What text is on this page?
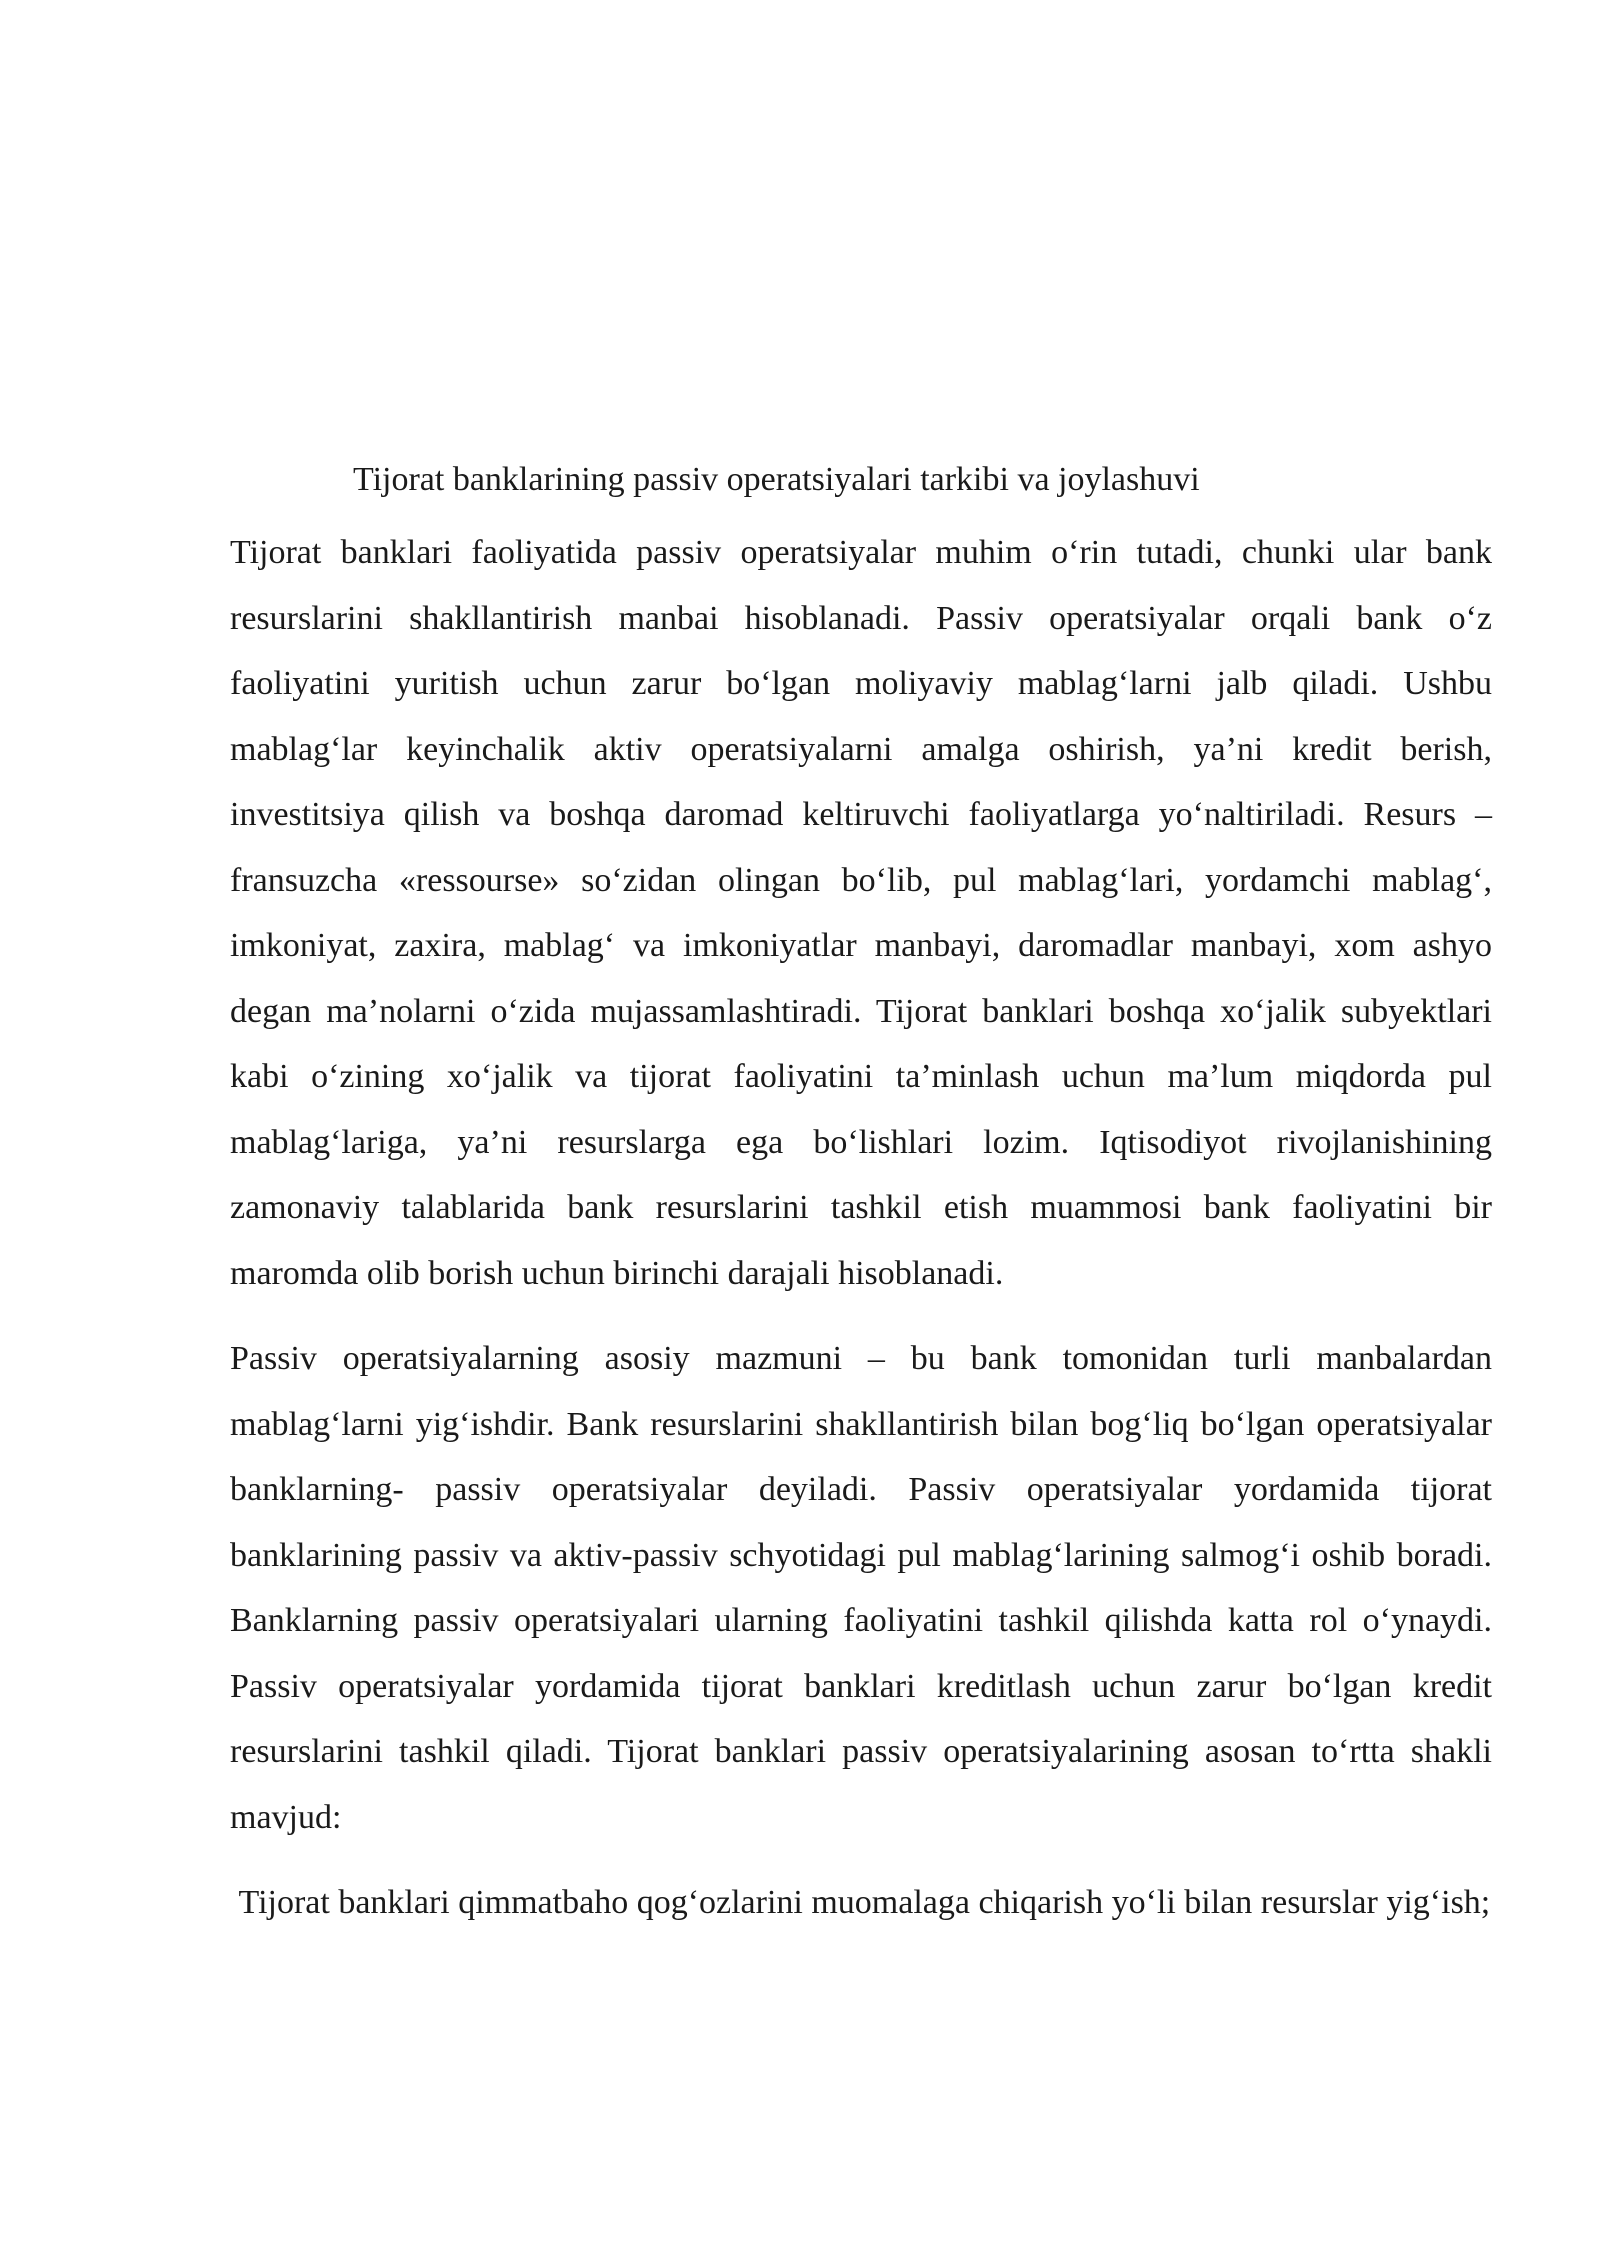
Tijorat banklarining passiv operatsiyalari tarkibi va joylashuvi

Tijorat banklari faoliyatida passiv operatsiyalar muhim o‘rin tutadi, chunki ular bank resurslarini shakllantirish manbai hisoblanadi. Passiv operatsiyalar orqali bank o‘z faoliyatini yuritish uchun zarur bo‘lgan moliyaviy mablag‘larni jalb qiladi. Ushbu mablag‘lar keyinchalik aktiv operatsiyalarni amalga oshirish, ya’ni kredit berish, investitsiya qilish va boshqa daromad keltiruvchi faoliyatlarga yo‘naltiriladi. Resurs – fransuzcha «ressourse» so‘zidan olingan bo‘lib, pul mablag‘lari, yordamchi mablag‘, imkoniyat, zaxira, mablag‘ va imkoniyatlar manbayi, daromadlar manbayi, xom ashyo degan ma’nolarni o‘zida mujassamlashtiradi. Tijorat banklari boshqa xo‘jalik subyektlari kabi o‘zining xo‘jalik va tijorat faoliyatini ta’minlash uchun ma’lum miqdorda pul mablag‘lariga, ya’ni resurslarga ega bo‘lishlari lozim. Iqtisodiyot rivojlanishining zamonaviy talablarida bank resurslarini tashkil etish muammosi bank faoliyatini bir maromda olib borish uchun birinchi darajali hisoblanadi.

Passiv operatsiyalarning asosiy mazmuni – bu bank tomonidan turli manbalardan mablag‘larni yig‘ishdir. Bank resurslarini shakllantirish bilan bog‘liq bo‘lgan operatsiyalar banklarning- passiv operatsiyalar deyiladi. Passiv operatsiyalar yordamida tijorat banklarining passiv va aktiv-passiv schyotidagi pul mablag‘larining salmog‘i oshib boradi. Banklarning passiv operatsiyalari ularning faoliyatini tashkil qilishda katta rol o‘ynaydi. Passiv operatsiyalar yordamida tijorat banklari kreditlash uchun zarur bo‘lgan kredit resurslarini tashkil qiladi. Tijorat banklari passiv operatsiyalarining asosan to‘rtta shakli mavjud:

Tijorat banklari qimmatbaho qog‘ozlarini muomalaga chiqarish yo‘li bilan resurslar yig‘ish;
